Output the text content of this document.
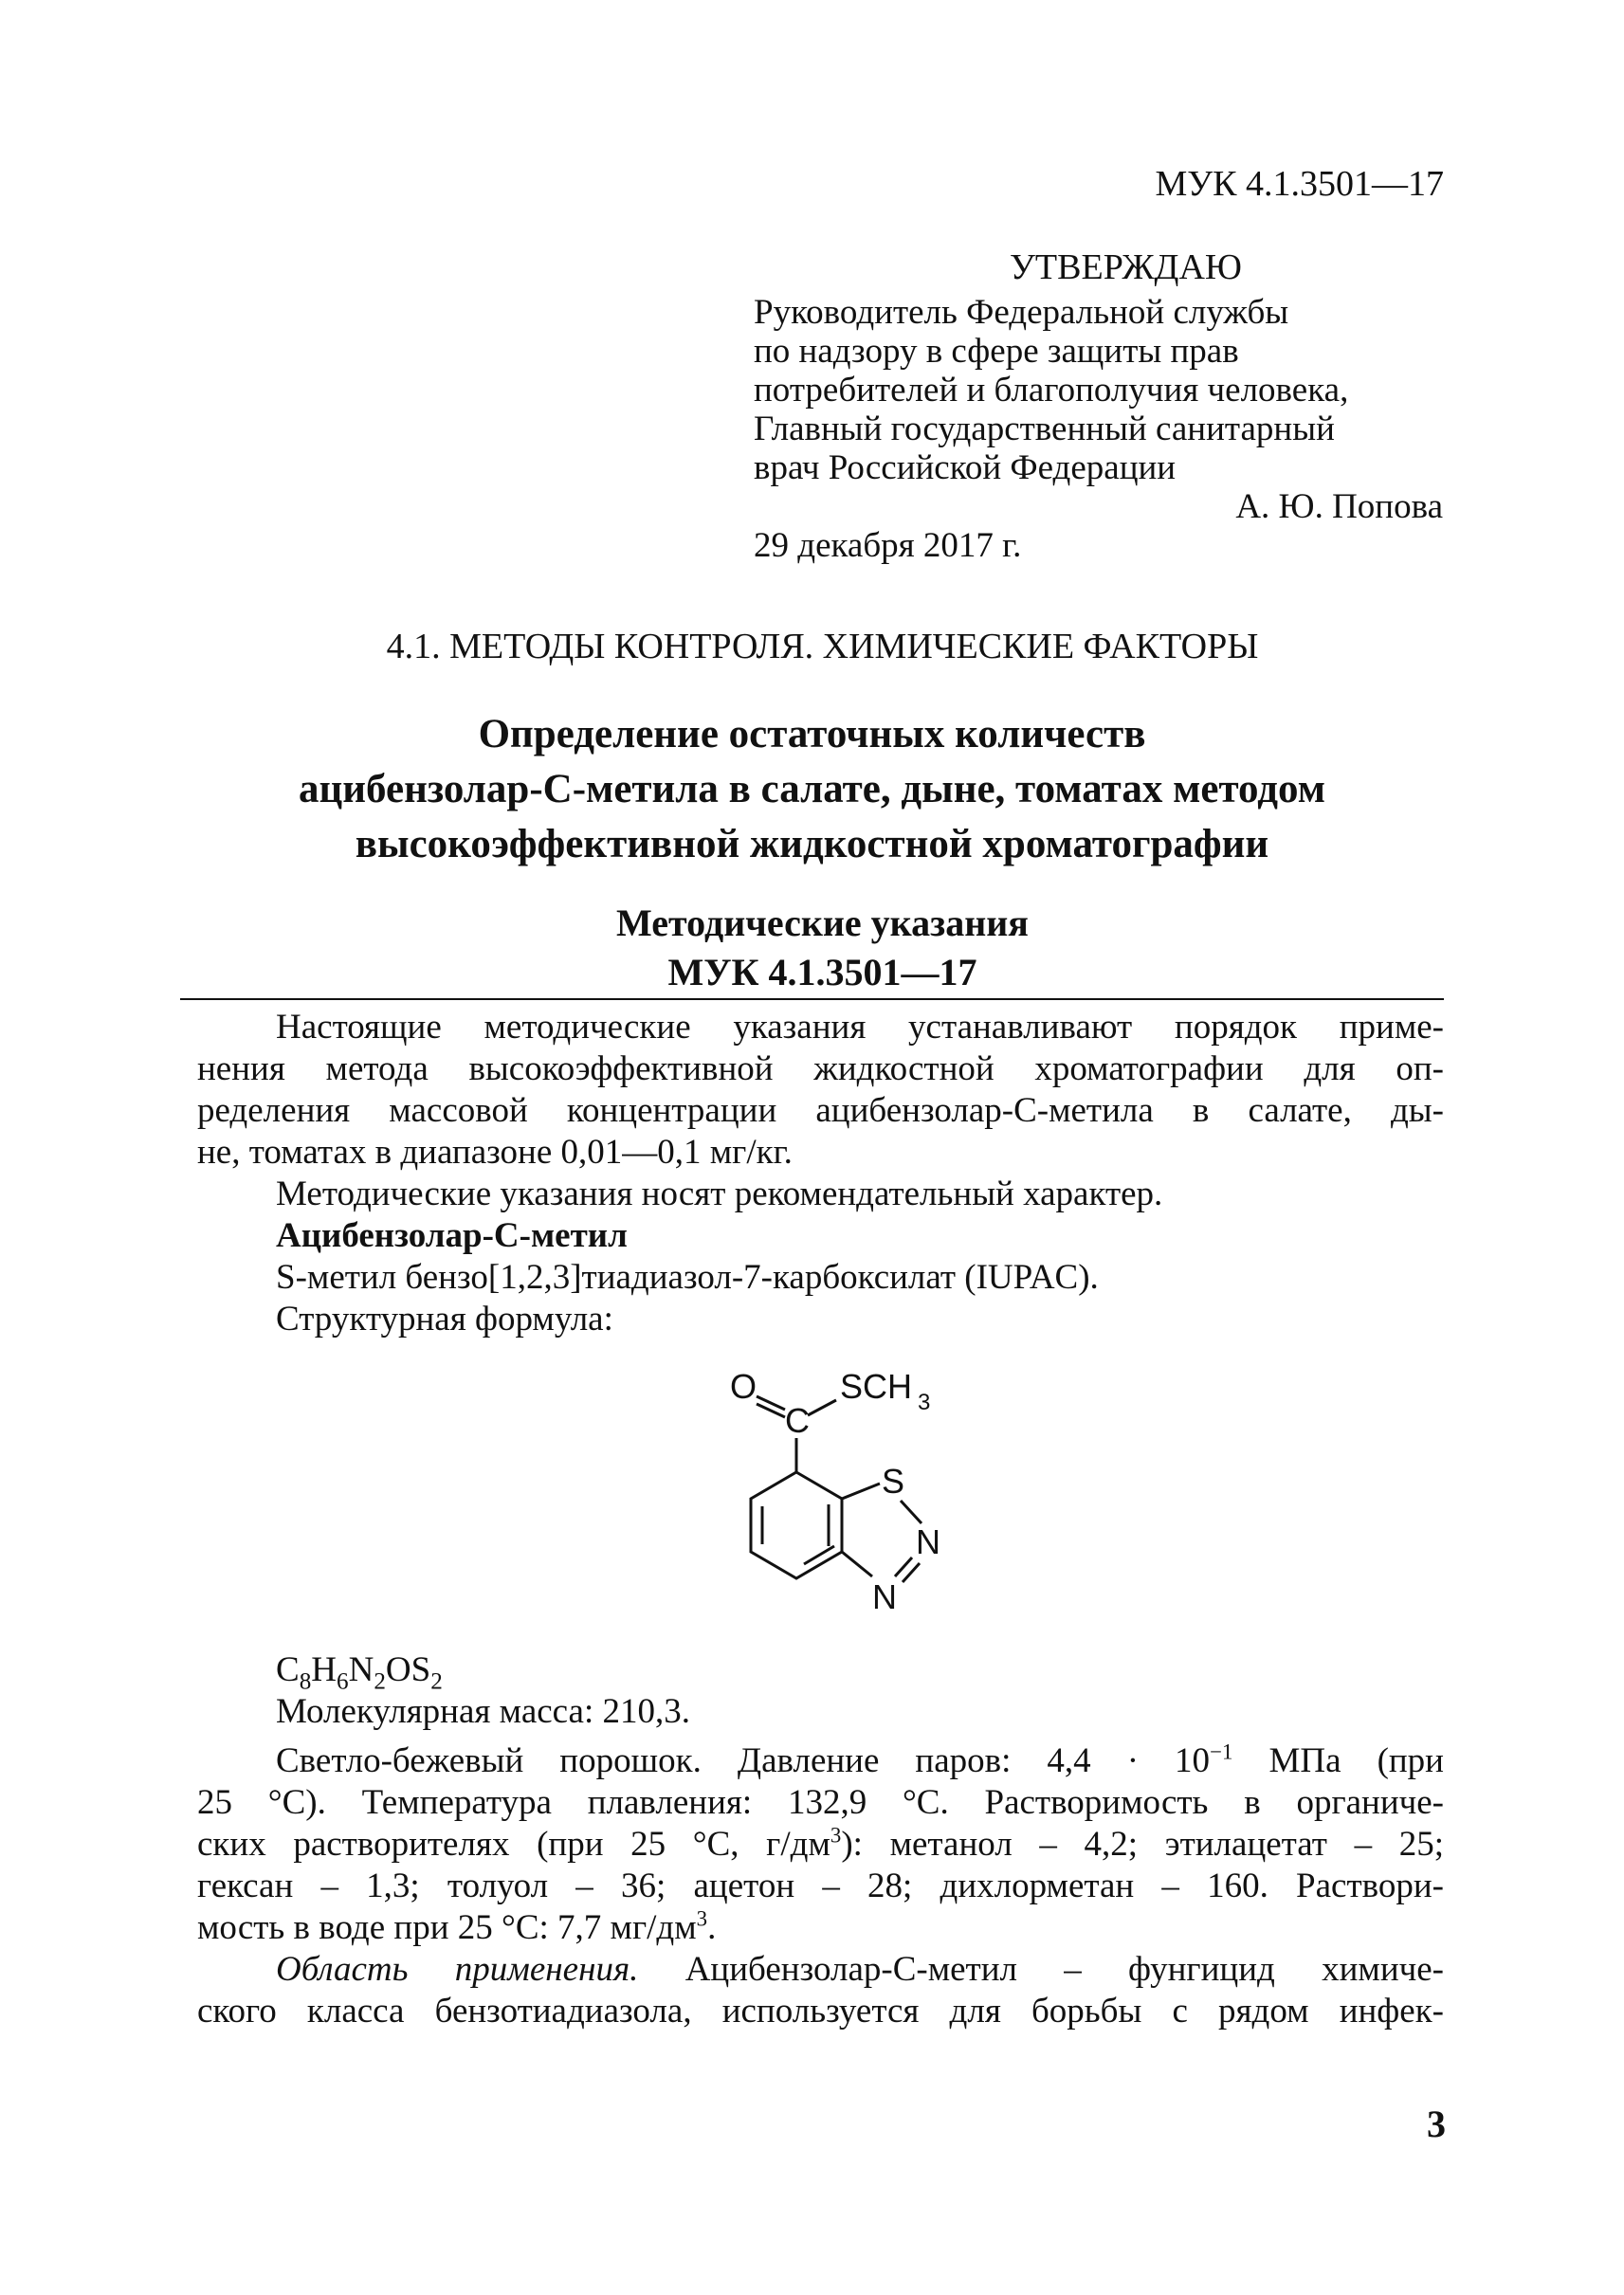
МУК 4.1.3501—17
УТВЕРЖДАЮ
Руководитель Федеральной службы
по надзору в сфере защиты прав
потребителей и благополучия человека,
Главный государственный санитарный
врач Российской Федерации
А. Ю. Попова
29 декабря 2017 г.
4.1. МЕТОДЫ КОНТРОЛЯ. ХИМИЧЕСКИЕ ФАКТОРЫ
Определение остаточных количеств
ацибензолар-С-метила в салате, дыне, томатах методом
высокоэффективной жидкостной хроматографии
Методические указания
МУК 4.1.3501—17
Настоящие методические указания устанавливают порядок приме-
нения метода высокоэффективной жидкостной хроматографии для оп-
ределения массовой концентрации ацибензолар-С-метила в салате, ды-
не, томатах в диапазоне 0,01—0,1 мг/кг.
Методические указания носят рекомендательный характер.
Ацибензолар-С-метил
S-метил бензо[1,2,3]тиадиазол-7-карбоксилат (IUPAC).
Структурная формула:
O
C
SCH 3
S
N
N
$C_8H_6N_2OS_2$
Молекулярная масса: 210,3.
Светло-бежевый порошок. Давление паров: $4,4 \cdot 10^{-1}$ МПа (при
25 °С). Температура плавления: 132,9 °С. Растворимость в органиче-
ских растворителях (при 25 °С, $г/дм^3$): метанол – 4,2; этилацетат – 25;
гексан – 1,3; толуол – 36; ацетон – 28; дихлорметан – 160. Раствори-
мость в воде при 25 °С: 7,7 $мг/дм^3$.
Область применения. Ацибензолар-С-метил – фунгицид химиче-
ского класса бензотиадиазола, используется для борьбы с рядом инфек-
3
